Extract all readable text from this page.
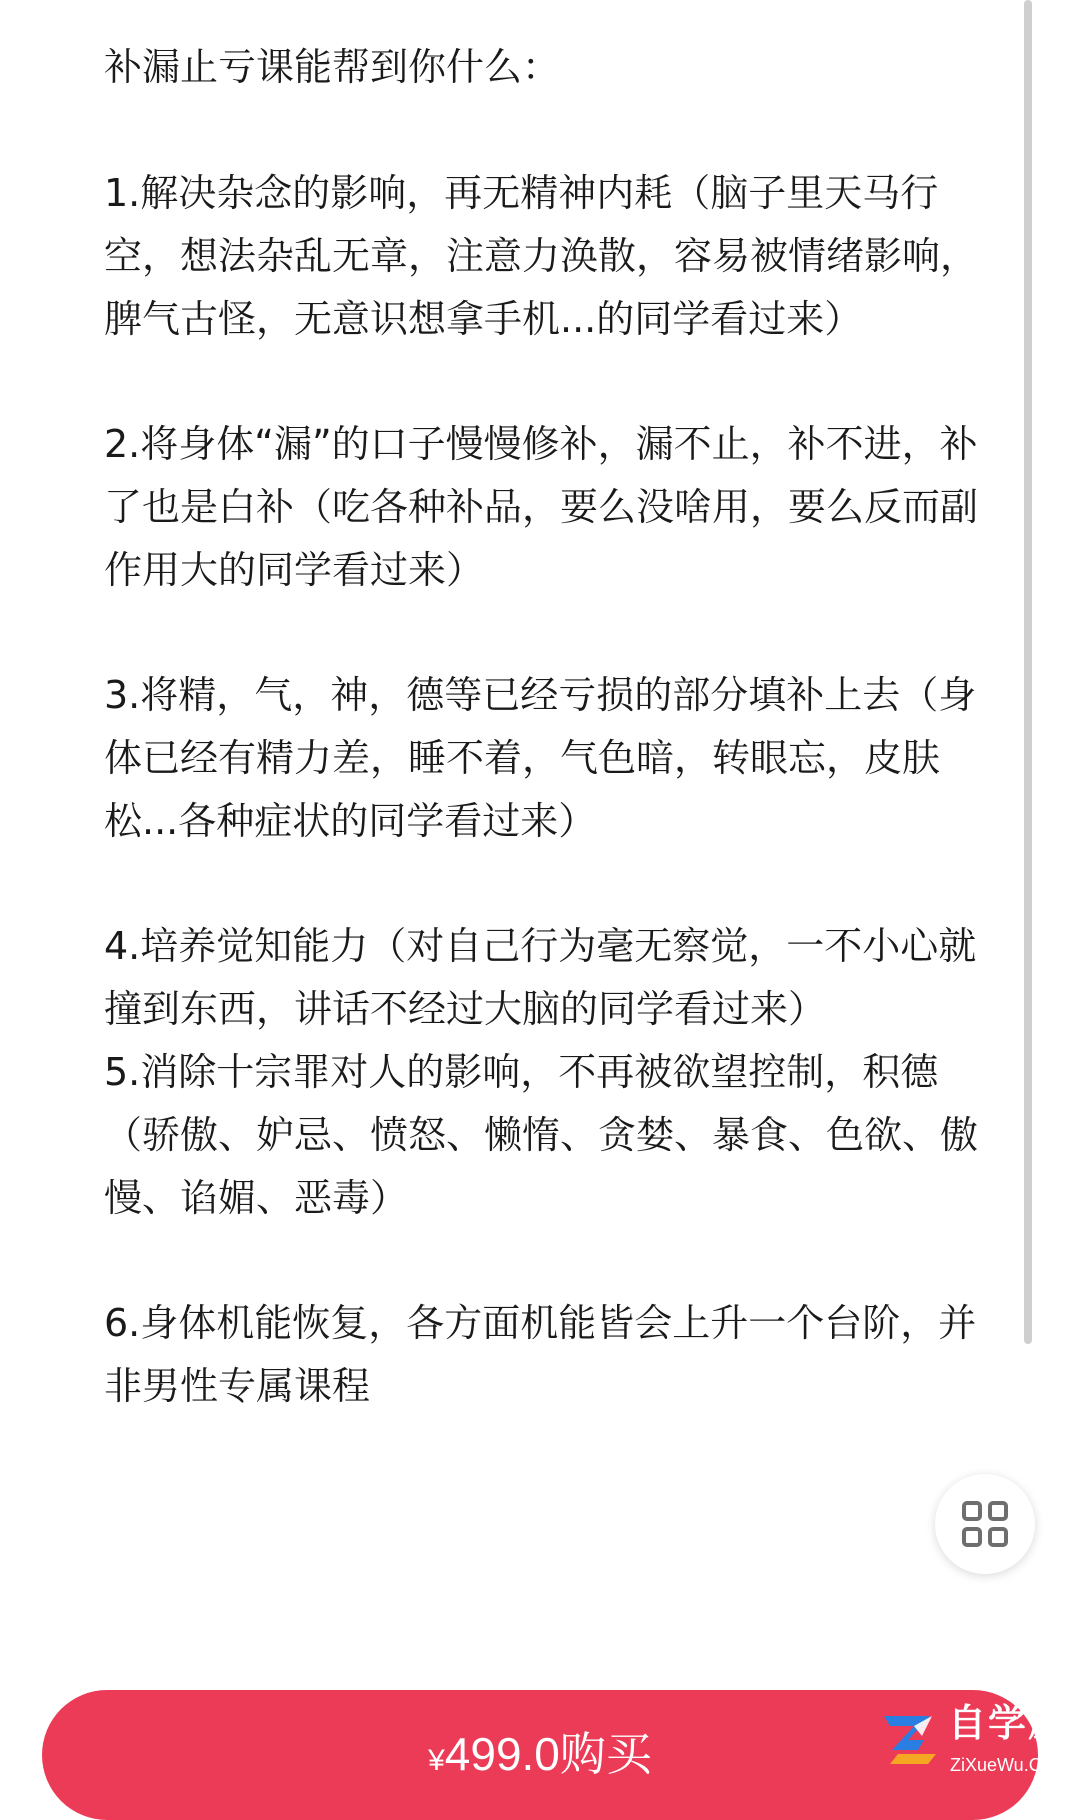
补漏止亏课能帮到你什么：
1.解决杂念的影响，再无精神内耗（脑子里天马行空，想法杂乱无章，注意力涣散，容易被情绪影响，脾气古怪，无意识想拿手机...的同学看过来）
2.将身体“漏”的口子慢慢修补，漏不止，补不进，补了也是白补（吃各种补品，要么没啥用，要么反而副作用大的同学看过来）
3.将精，气，神，德等已经亏损的部分填补上去（身体已经有精力差，睡不着，气色暗，转眼忘，皮肤松...各种症状的同学看过来）
4.培养觉知能力（对自己行为毫无察觉，一不小心就撞到东西，讲话不经过大脑的同学看过来）
5.消除十宗罪对人的影响，不再被欲望控制，积德（骄傲、妒忌、愤怒、懒惰、贪婪、暴食、色欲、傲慢、谄媚、恶毒）
6.身体机能恢复，各方面机能皆会上升一个台阶，并非男性专属课程
¥499.0购买
自学屋
ZiXueWu.Cn
